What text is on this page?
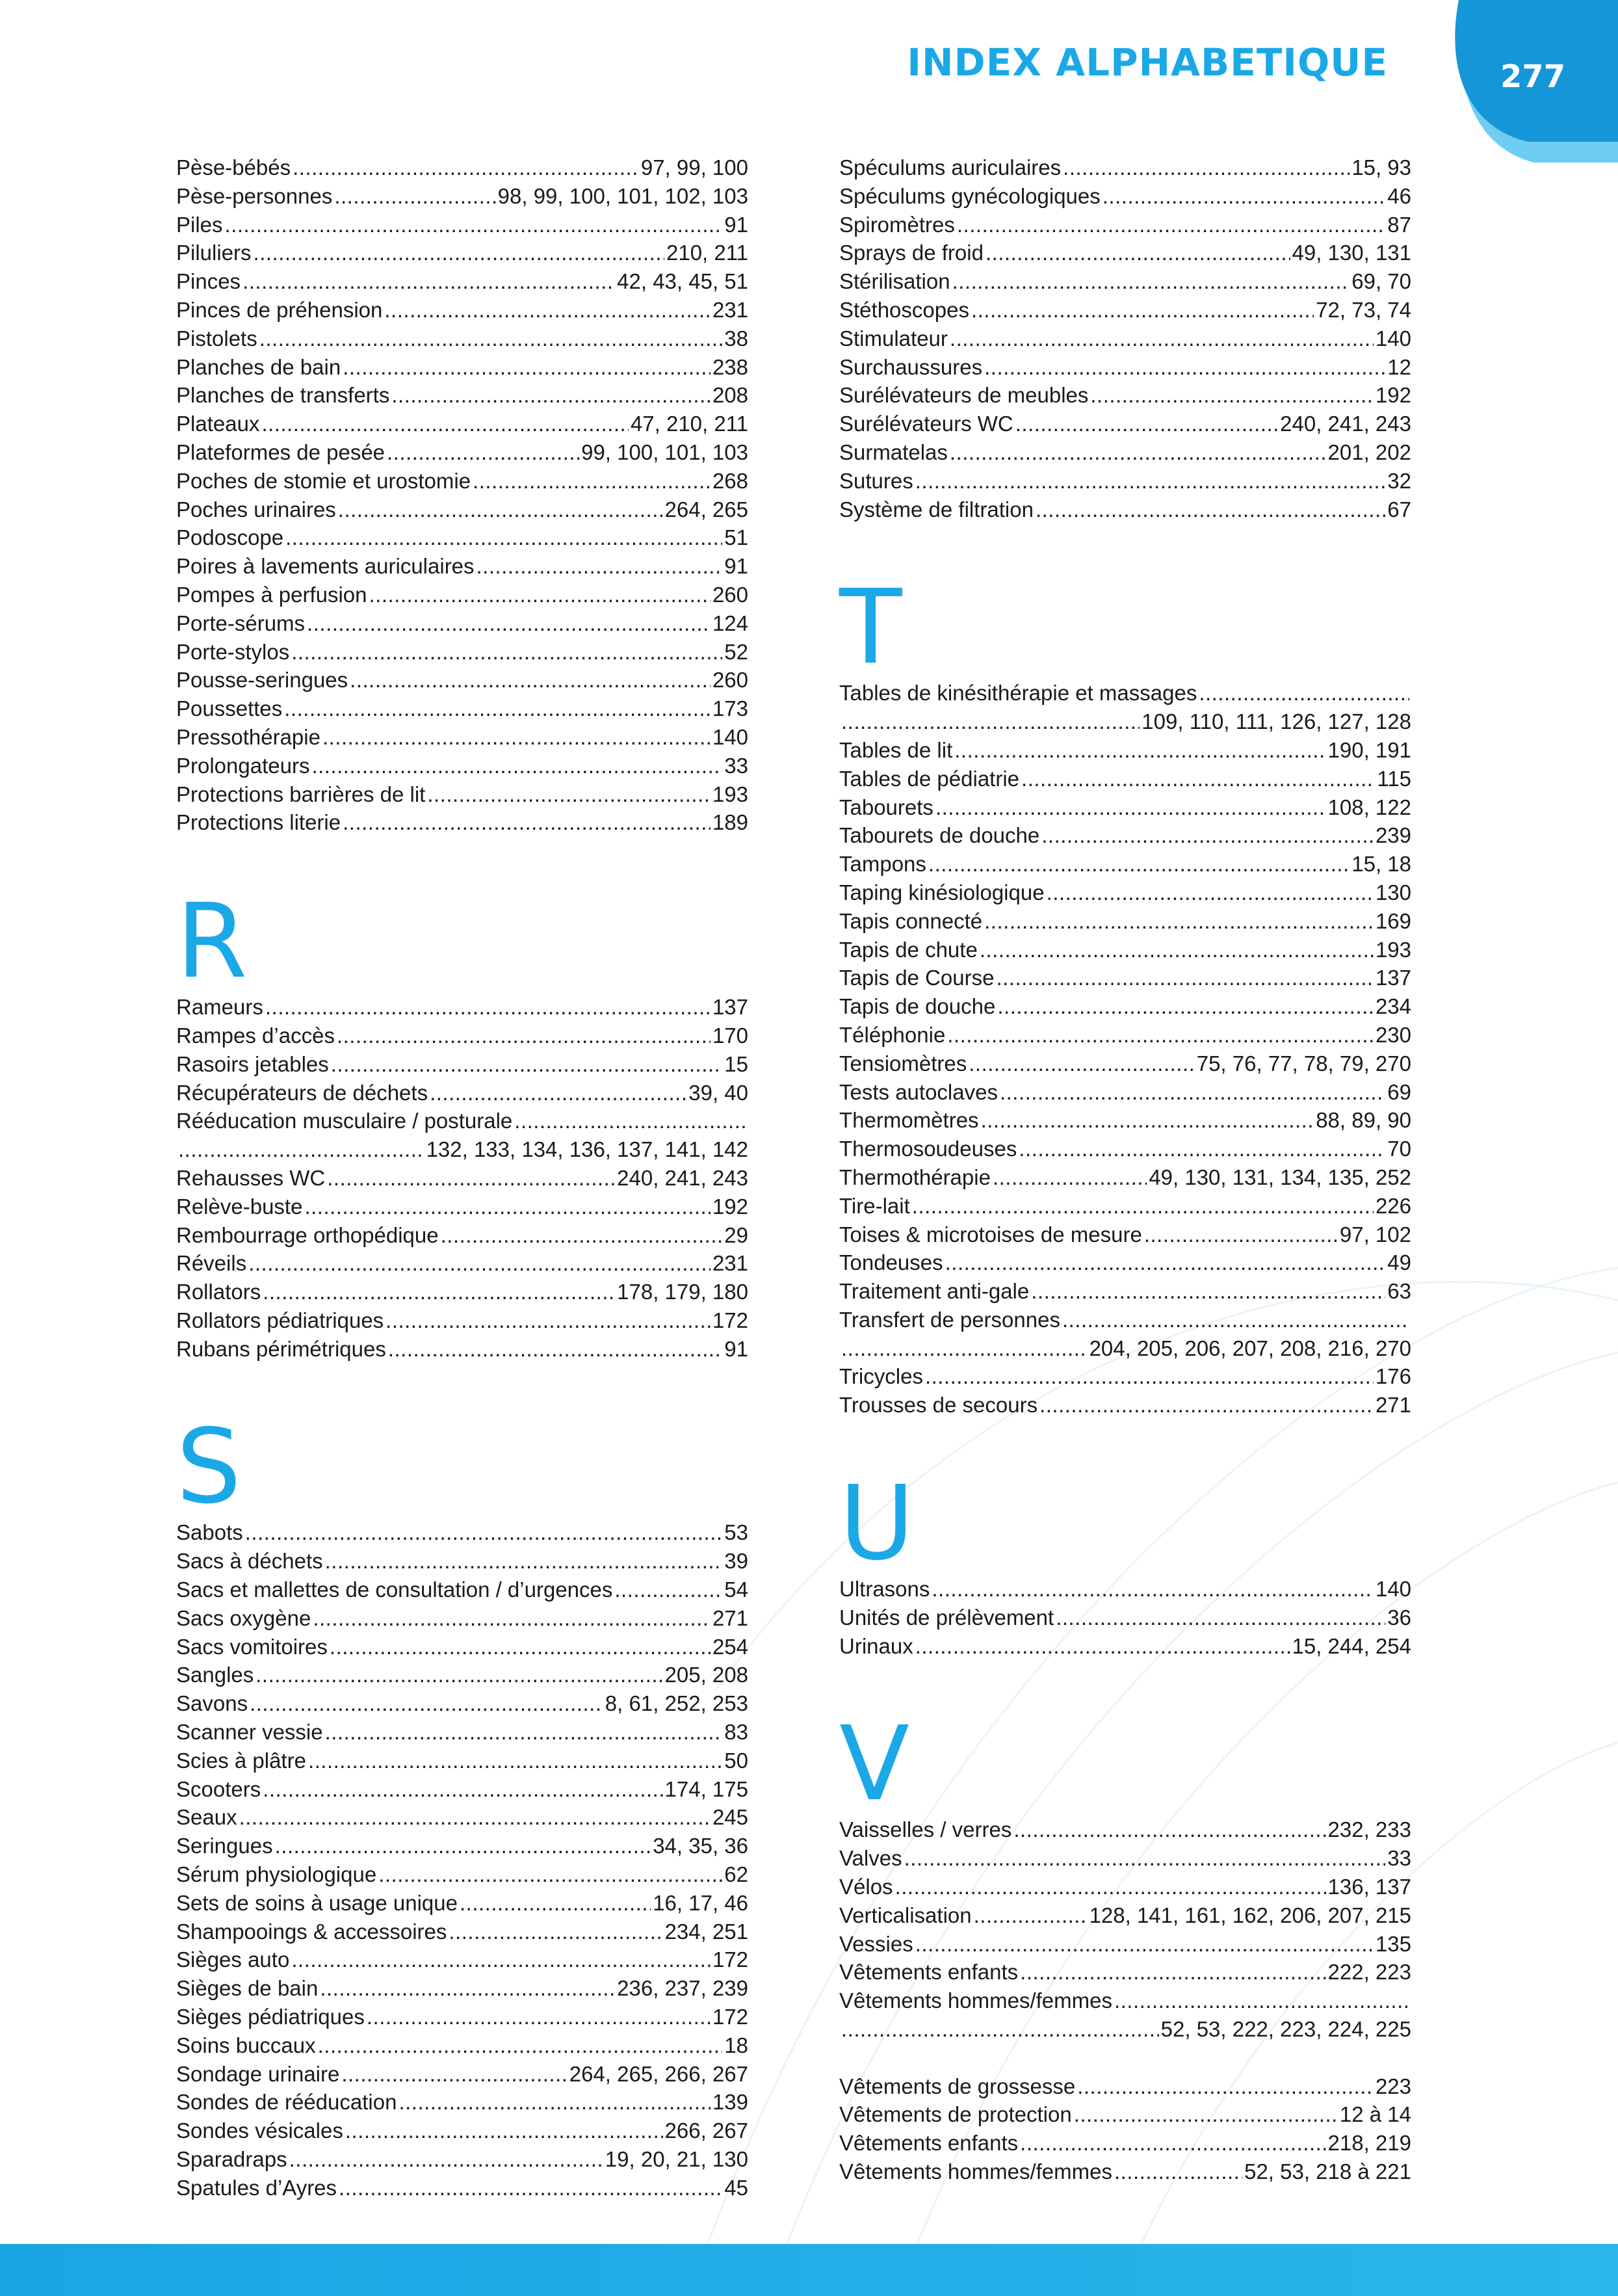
INDEX ALPHABETIQUE	277
Pèse-bébés .....	97, 99, 100
Pèse-personnes .....	98, 99, 100, 101, 102, 103
Piles .....	91
Piluliers .....	210, 211
Pinces .....	42, 43, 45, 51
Pinces de préhension .....	231
Pistolets .....	38
Planches de bain .....	238
Planches de transferts .....	208
Plateaux .....	47, 210, 211
Plateformes de pesée .....	99, 100, 101, 103
Poches de stomie et urostomie .....	268
Poches urinaires .....	264, 265
Podoscope .....	51
Poires à lavements auriculaires .....	91
Pompes à perfusion .....	260
Porte-sérums .....	124
Porte-stylos .....	52
Pousse-seringues .....	260
Poussettes .....	173
Pressothérapie .....	140
Prolongateurs .....	33
Protections barrières de lit .....	193
Protections literie .....	189
R
Rameurs .....	137
Rampes d’accès .....	170
Rasoirs jetables .....	15
Récupérateurs de déchets .....	39, 40
Rééducation musculaire / posturale
.....
.....
132, 133, 134, 136, 137, 141, 142
Rehausses WC .....	240, 241, 243
Relève-buste .....	192
Rembourrage orthopédique .....	29
Réveils .....	231
Rollators .....	178, 179, 180
Rollators pédiatriques .....	172
Rubans périmétriques .....	91
S
Sabots .....	53
Sacs à déchets .....	39
Sacs et mallettes de consultation / d’urgences .....	54
Sacs oxygène .....	271
Sacs vomitoires .....	254
Sangles .....	205, 208
Savons .....	8, 61, 252, 253
Scanner vessie .....	83
Scies à plâtre .....	50
Scooters .....	174, 175
Seaux .....	245
Seringues .....	34, 35, 36
Sérum physiologique .....	62
Sets de soins à usage unique .....	16, 17, 46
Shampooings & accessoires .....	234, 251
Sièges auto .....	172
Sièges de bain .....	236, 237, 239
Sièges pédiatriques .....	172
Soins buccaux .....	18
Sondage urinaire .....	264, 265, 266, 267
Sondes de rééducation .....	139
Sondes vésicales .....	266, 267
Sparadraps .....	19, 20, 21, 130
Spatules d’Ayres .....	45
Spéculums auriculaires .....	15, 93
Spéculums gynécologiques .....	46
Spiromètres .....	87
Sprays de froid .....	49, 130, 131
Stérilisation .....	69, 70
Stéthoscopes .....	72, 73, 74
Stimulateur .....	140
Surchaussures .....	12
Surélévateurs de meubles .....	192
Surélévateurs WC .....	240, 241, 243
Surmatelas .....	201, 202
Sutures .....	32
Système de filtration .....	67
T
Tables de kinésithérapie et massages
.....
.....
109, 110, 111, 126, 127, 128
Tables de lit .....	190, 191
Tables de pédiatrie .....	115
Tabourets .....	108, 122
Tabourets de douche .....	239
Tampons .....	15, 18
Taping kinésiologique .....	130
Tapis connecté .....	169
Tapis de chute .....	193
Tapis de Course .....	137
Tapis de douche .....	234
Téléphonie .....	230
Tensiomètres .....	75, 76, 77, 78, 79, 270
Tests autoclaves .....	69
Thermomètres .....	88, 89, 90
Thermosoudeuses .....	70
Thermothérapie .....	49, 130, 131, 134, 135, 252
Tire-lait .....	226
Toises & microtoises de mesure .....	97, 102
Tondeuses .....	49
Traitement anti-gale .....	63
Transfert de personnes
.....
.....
204, 205, 206, 207, 208, 216, 270
Tricycles .....	176
Trousses de secours .....	271
U
Ultrasons .....	140
Unités de prélèvement .....	36
Urinaux .....	15, 244, 254
V
Vaisselles / verres .....	232, 233
Valves .....	33
Vélos .....	136, 137
Verticalisation .....	128, 141, 161, 162, 206, 207, 215
Vessies .....	135
Vêtements enfants .....	222, 223
Vêtements hommes/femmes
.....
.....
52, 53, 222, 223, 224, 225
Vêtements de grossesse .....	223
Vêtements de protection .....	12 à 14
Vêtements enfants .....	218, 219
Vêtements hommes/femmes .....	52, 53, 218 à 221
